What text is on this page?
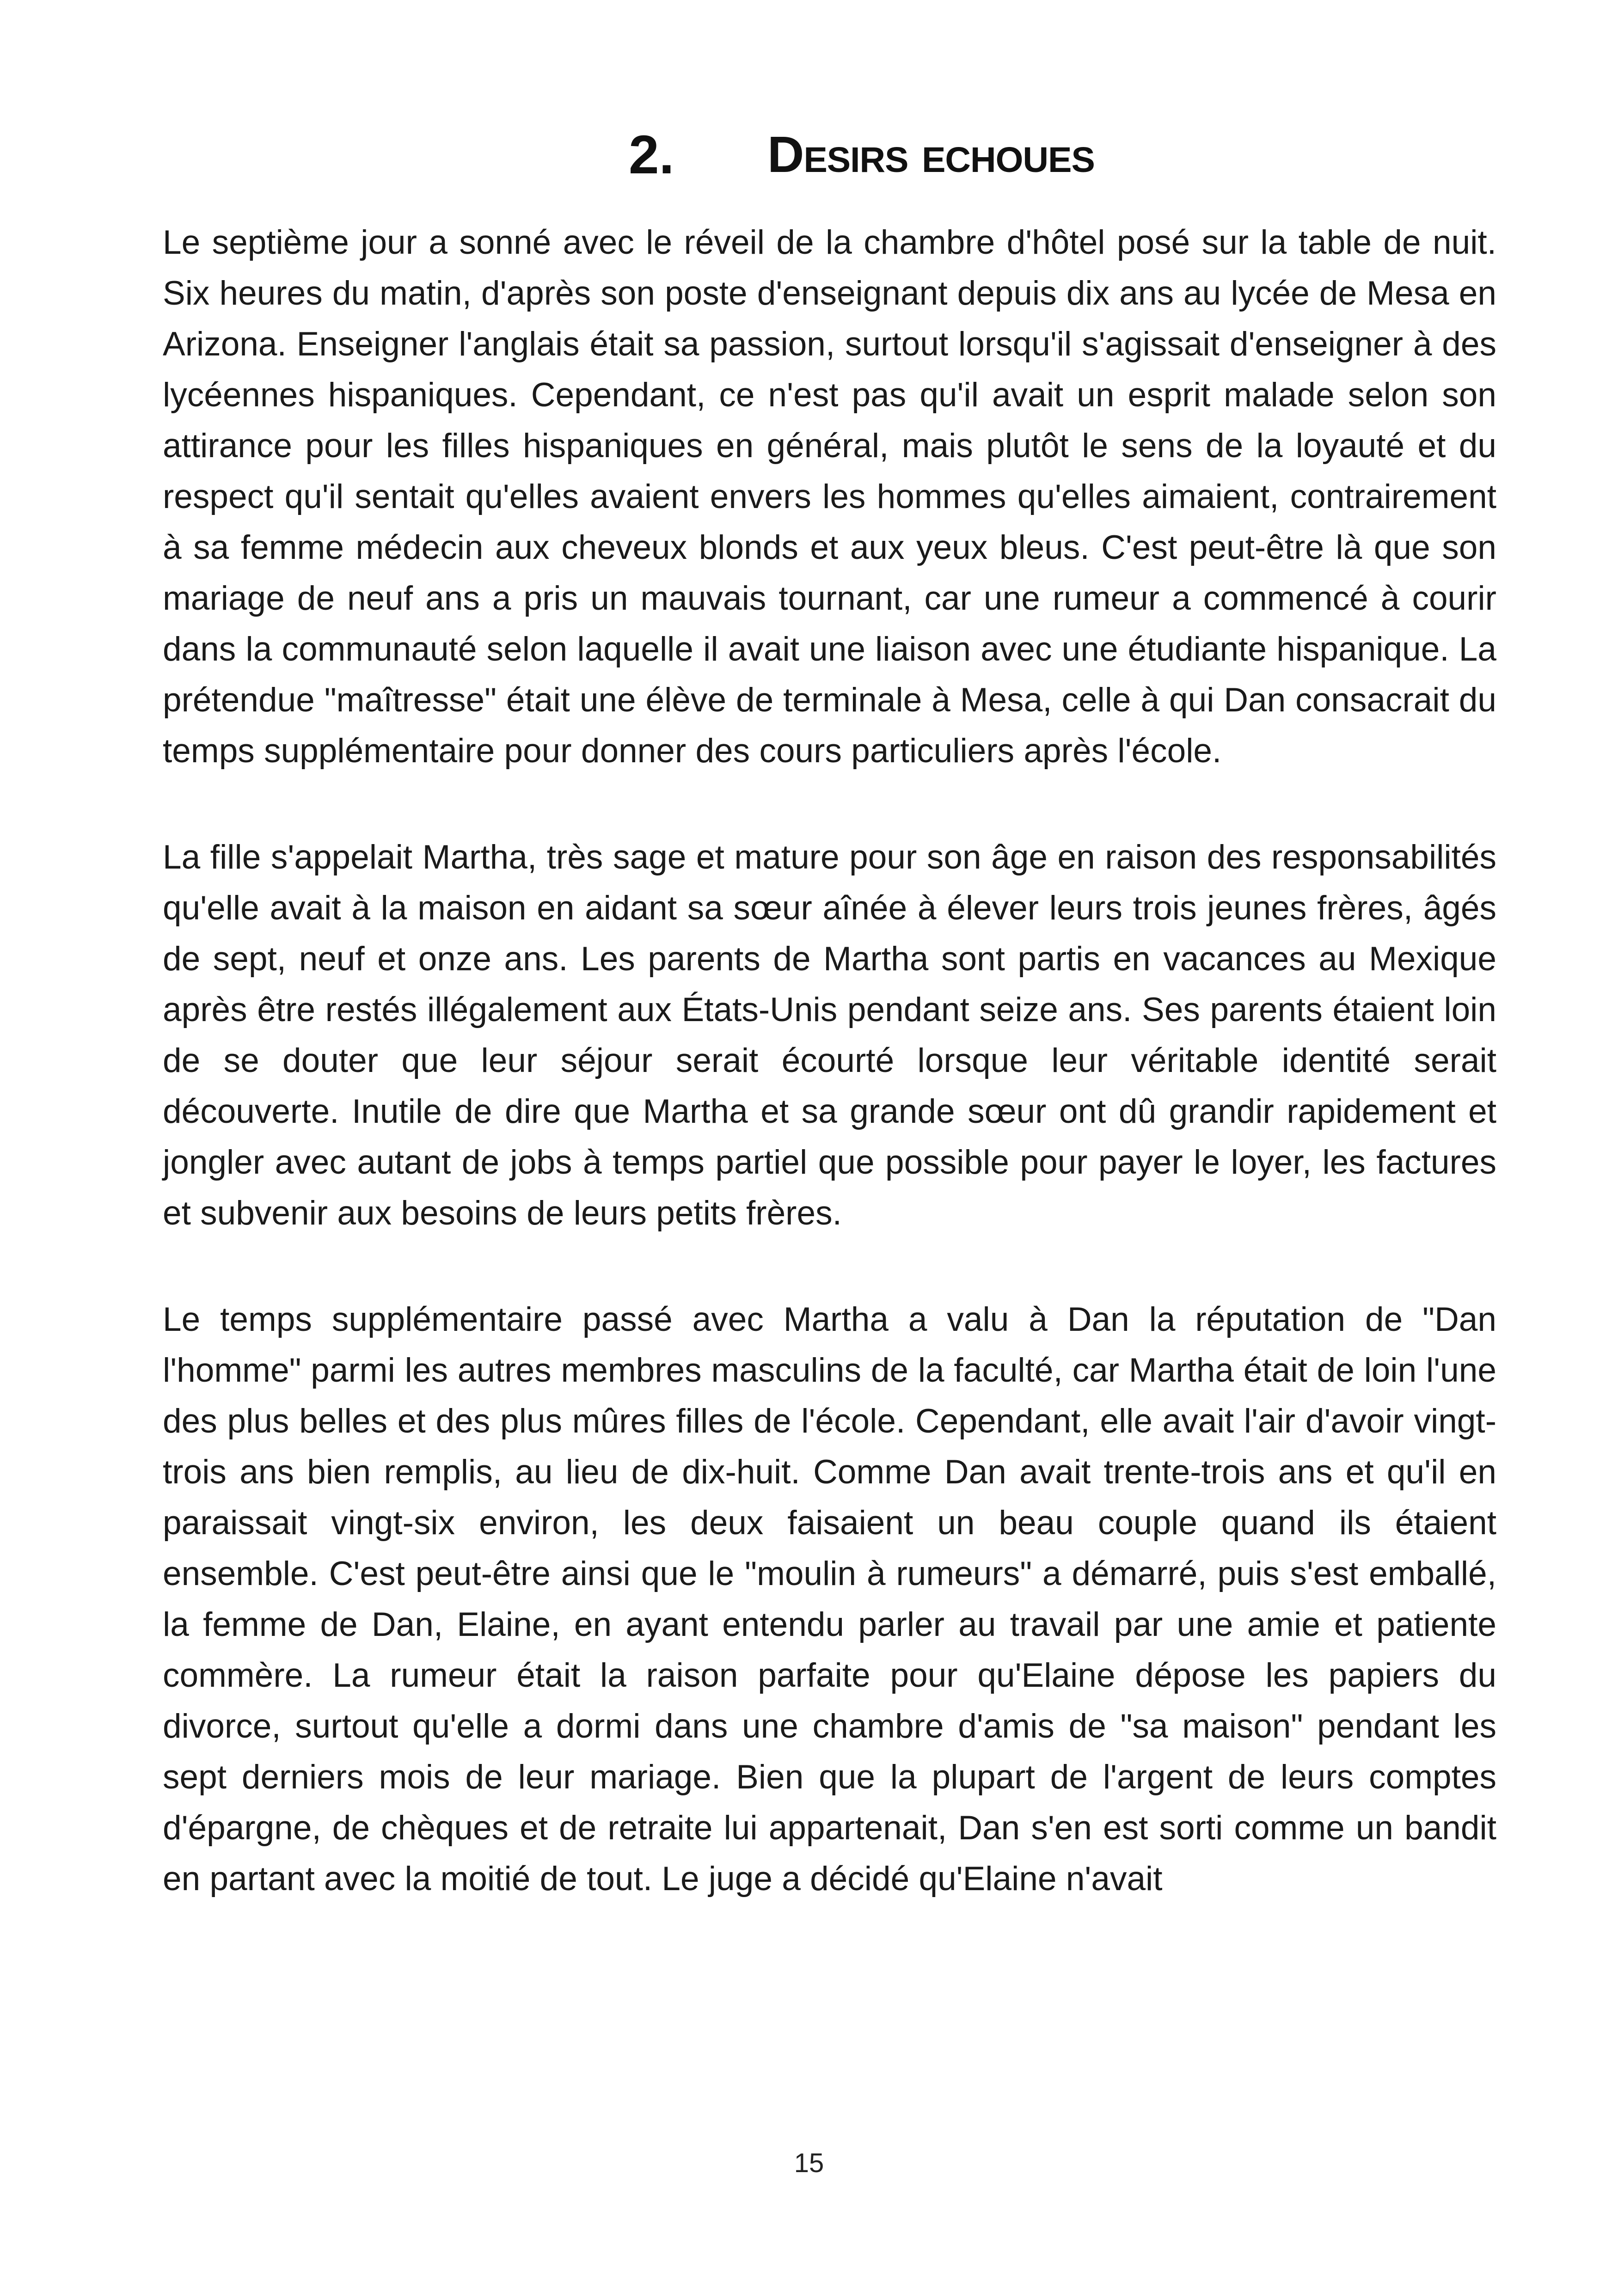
2. Desirs echoues

Le septième jour a sonné avec le réveil de la chambre d'hôtel posé sur la table de nuit. Six heures du matin, d'après son poste d'enseignant depuis dix ans au lycée de Mesa en Arizona. Enseigner l'anglais était sa passion, surtout lorsqu'il s'agissait d'enseigner à des lycéennes hispaniques. Cependant, ce n'est pas qu'il avait un esprit malade selon son attirance pour les filles hispaniques en général, mais plutôt le sens de la loyauté et du respect qu'il sentait qu'elles avaient envers les hommes qu'elles aimaient, contrairement à sa femme médecin aux cheveux blonds et aux yeux bleus. C'est peut-être là que son mariage de neuf ans a pris un mauvais tournant, car une rumeur a commencé à courir dans la communauté selon laquelle il avait une liaison avec une étudiante hispanique. La prétendue "maîtresse" était une élève de terminale à Mesa, celle à qui Dan consacrait du temps supplémentaire pour donner des cours particuliers après l'école.

La fille s'appelait Martha, très sage et mature pour son âge en raison des responsabilités qu'elle avait à la maison en aidant sa sœur aînée à élever leurs trois jeunes frères, âgés de sept, neuf et onze ans. Les parents de Martha sont partis en vacances au Mexique après être restés illégalement aux États-Unis pendant seize ans. Ses parents étaient loin de se douter que leur séjour serait écourté lorsque leur véritable identité serait découverte. Inutile de dire que Martha et sa grande sœur ont dû grandir rapidement et jongler avec autant de jobs à temps partiel que possible pour payer le loyer, les factures et subvenir aux besoins de leurs petits frères.

Le temps supplémentaire passé avec Martha a valu à Dan la réputation de "Dan l'homme" parmi les autres membres masculins de la faculté, car Martha était de loin l'une des plus belles et des plus mûres filles de l'école. Cependant, elle avait l'air d'avoir vingt-trois ans bien remplis, au lieu de dix-huit. Comme Dan avait trente-trois ans et qu'il en paraissait vingt-six environ, les deux faisaient un beau couple quand ils étaient ensemble. C'est peut-être ainsi que le "moulin à rumeurs" a démarré, puis s'est emballé, la femme de Dan, Elaine, en ayant entendu parler au travail par une amie et patiente commère. La rumeur était la raison parfaite pour qu'Elaine dépose les papiers du divorce, surtout qu'elle a dormi dans une chambre d'amis de "sa maison" pendant les sept derniers mois de leur mariage. Bien que la plupart de l'argent de leurs comptes d'épargne, de chèques et de retraite lui appartenait, Dan s'en est sorti comme un bandit en partant avec la moitié de tout. Le juge a décidé qu'Elaine n'avait

15
